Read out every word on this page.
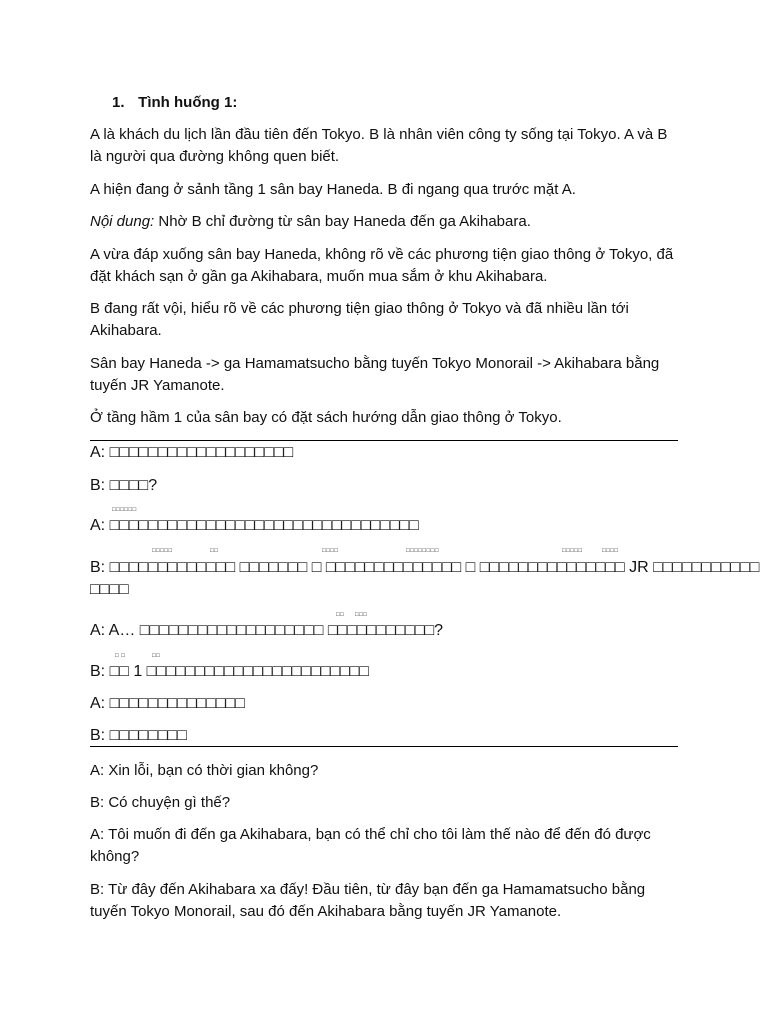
1. Tình huống 1:

A là khách du lịch lần đầu tiên đến Tokyo. B là nhân viên công ty sống tại Tokyo. A và B là người qua đường không quen biết.

A hiện đang ở sảnh tầng 1 sân bay Haneda. B đi ngang qua trước mặt A.

Nội dung: Nhờ B chỉ đường từ sân bay Haneda đến ga Akihabara.

A vừa đáp xuống sân bay Haneda, không rõ về các phương tiện giao thông ở Tokyo, đã đặt khách sạn ở gần ga Akihabara, muốn mua sắm ở khu Akihabara.

B đang rất vội, hiểu rõ về các phương tiện giao thông ở Tokyo và đã nhiều lần tới Akihabara.

Sân bay Haneda -> ga Hamamatsucho bằng tuyến Tokyo Monorail -> Akihabara bằng tuyến JR Yamanote.

Ở tầng hầm 1 của sân bay có đặt sách hướng dẫn giao thông ở Tokyo.

A: □□□□□□□□□□□□□□□□□□□

B: □□□□?

□□□□□□

A: □□□□□□□□□□□□□□□□□□□□□□□□□□□□□□□□

□□□□□	□□	□□□□	□□□□□□□□	□□□□□	□□□□

B: □□□□□□□□□□□□□ □□□□□□□ □ □□□□□□□□□□□□□□ □ □□□□□□□□□□□□□□□ JR □□□□□□□□□□□

□□□□

□□ □□□

A: A… □□□□□□□□□□□□□□□□□□□ □□□□□□□□□□□?

□ □	□□

B: □□ 1 □□□□□□□□□□□□□□□□□□□□□□□

A: □□□□□□□□□□□□□□

B: □□□□□□□□

A: Xin lỗi, bạn có thời gian không?

B: Có chuyện gì thế?

A: Tôi muốn đi đến ga Akihabara, bạn có thể chỉ cho tôi làm thế nào để đến đó được không?

B: Từ đây đến Akihabara xa đấy! Đầu tiên, từ đây bạn đến ga Hamamatsucho bằng tuyến Tokyo Monorail, sau đó đến Akihabara bằng tuyến JR Yamanote.
